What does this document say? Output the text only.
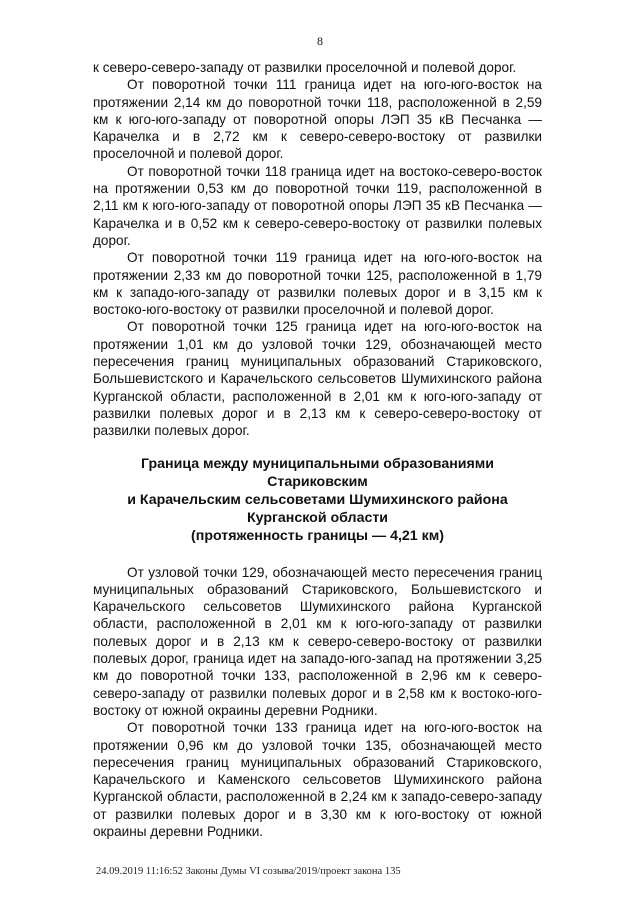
8

к северо-северо-западу от развилки проселочной и полевой дорог.

От поворотной точки 111 граница идет на юго-юго-восток на протяжении 2,14 км до поворотной точки 118, расположенной в 2,59 км к юго-юго-западу от поворотной опоры ЛЭП 35 кВ Песчанка — Карачелка и в 2,72 км к северо-северо-востоку от развилки проселочной и полевой дорог.

От поворотной точки 118 граница идет на востоко-северо-восток на протяжении 0,53 км до поворотной точки 119, расположенной в 2,11 км к юго-юго-западу от поворотной опоры ЛЭП 35 кВ Песчанка — Карачелка и в 0,52 км к северо-северо-востоку от развилки полевых дорог.

От поворотной точки 119 граница идет на юго-юго-восток на протяжении 2,33 км до поворотной точки 125, расположенной в 1,79 км к западо-юго-западу от развилки полевых дорог и в 3,15 км к востоко-юго-востоку от развилки проселочной и полевой дорог.

От поворотной точки 125 граница идет на юго-юго-восток на протяжении 1,01 км до узловой точки 129, обозначающей место пересечения границ муниципальных образований Стариковского, Большевистского и Карачельского сельсоветов Шумихинского района Курганской области, расположенной в 2,01 км к юго-юго-западу от развилки полевых дорог и в 2,13 км к северо-северо-востоку от развилки полевых дорог.

Граница между муниципальными образованиями Стариковским
и Карачельским сельсоветами Шумихинского района
Курганской области
(протяженность границы — 4,21 км)

От узловой точки 129, обозначающей место пересечения границ муниципальных образований Стариковского, Большевистского и Карачельского сельсоветов Шумихинского района Курганской области, расположенной в 2,01 км к юго-юго-западу от развилки полевых дорог и в 2,13 км к северо-северо-востоку от развилки полевых дорог, граница идет на западо-юго-запад на протяжении 3,25 км до поворотной точки 133, расположенной в 2,96 км к северо-северо-западу от развилки полевых дорог и в 2,58 км к востоко-юго-востоку от южной окраины деревни Родники.

От поворотной точки 133 граница идет на юго-юго-восток на протяжении 0,96 км до узловой точки 135, обозначающей место пересечения границ муниципальных образований Стариковского, Карачельского и Каменского сельсоветов Шумихинского района Курганской области, расположенной в 2,24 км к западо-северо-западу от развилки полевых дорог и в 3,30 км к юго-востоку от южной окраины деревни Родники.

24.09.2019 11:16:52 Законы Думы VI созыва/2019/проект закона 135
